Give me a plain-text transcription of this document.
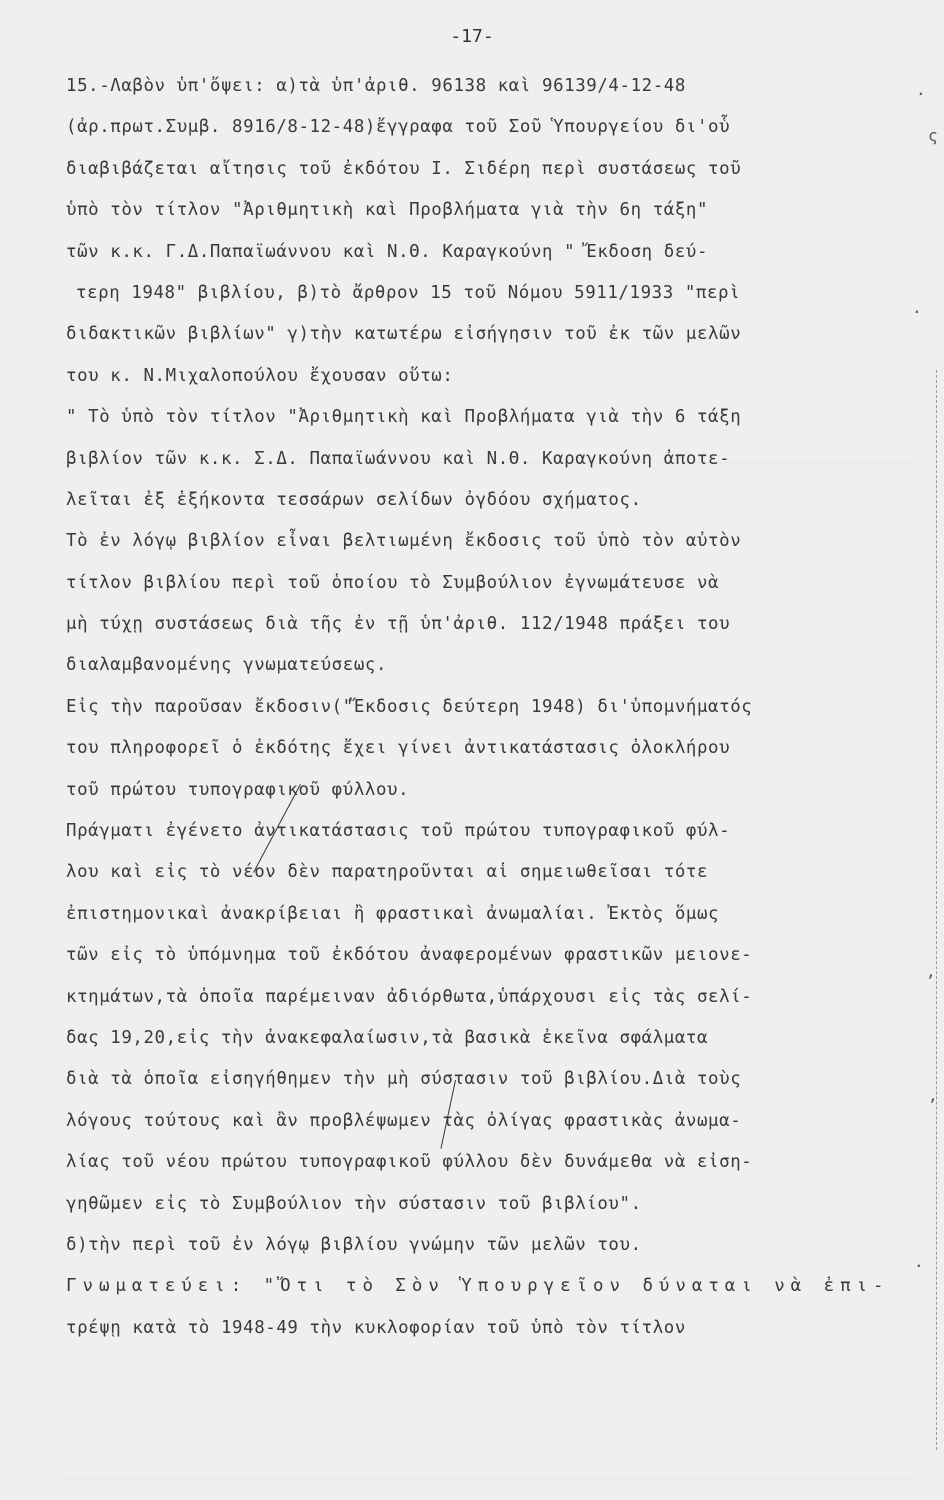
-17-
15.-Λαβὸν ὑπ'ὄψει: α)τὰ ὑπ'ἀριθ. 96138 καὶ 96139/4-12-48
(ἀρ.πρωτ.Συμβ. 8916/8-12-48)ἔγγραφα τοῦ Σοῦ Ὑπουργείου δι'οὗ
διαβιβάζεται αἴτησις τοῦ ἐκδότου Ι. Σιδέρη περὶ συστάσεως τοῦ
ὑπὸ τὸν τίτλον "Ἀριθμητικὴ καὶ Προβλήματα γιὰ τὴν 6η τάξη"
τῶν κ.κ. Γ.Δ.Παπαϊωάννου καὶ Ν.Θ. Καραγκούνη " Ἔκδοση δεύ-
τερη 1948" βιβλίου, β)τὸ ἄρθρον 15 τοῦ Νόμου 5911/1933 "περὶ
διδακτικῶν βιβλίων" γ)τὴν κατωτέρω εἰσήγησιν τοῦ ἐκ τῶν μελῶν
του κ. Ν.Μιχαλοπούλου ἔχουσαν οὕτω:
" Τὸ ὑπὸ τὸν τίτλον "Ἀριθμητικὴ καὶ Προβλήματα γιὰ τὴν 6 τάξη
βιβλίον τῶν κ.κ. Σ.Δ. Παπαϊωάννου καὶ Ν.Θ. Καραγκούνη ἀποτε-
λεῖται ἐξ ἑξήκοντα τεσσάρων σελίδων ὀγδόου σχήματος.
Τὸ ἐν λόγῳ βιβλίον εἶναι βελτιωμένη ἔκδοσις τοῦ ὑπὸ τὸν αὐτὸν
τίτλον βιβλίου περὶ τοῦ ὁποίου τὸ Συμβούλιον ἐγνωμάτευσε νὰ
μὴ τύχῃ συστάσεως διὰ τῆς ἐν τῇ ὑπ'ἀριθ. 112/1948 πράξει του
διαλαμβανομένης γνωματεύσεως.
Εἰς τὴν παροῦσαν ἔκδοσιν("Ἔκδοσις δεύτερη 1948) δι'ὑπομνήματός
του πληροφορεῖ ὁ ἐκδότης ἔχει γίνει ἀντικατάστασις ὁλοκλήρου
τοῦ πρώτου τυπογραφικοῦ φύλλου.
Πράγματι ἐγένετο ἀντικατάστασις τοῦ πρώτου τυπογραφικοῦ φύλ-
λου καὶ εἰς τὸ νέον δὲν παρατηροῦνται αἱ σημειωθεῖσαι τότε
ἐπιστημονικαὶ ἀνακρίβειαι ἢ φραστικαὶ ἀνωμαλίαι. Ἐκτὸς ὅμως
τῶν εἰς τὸ ὑπόμνημα τοῦ ἐκδότου ἀναφερομένων φραστικῶν μειονε-
κτημάτων,τὰ ὁποῖα παρέμειναν ἀδιόρθωτα,ὑπάρχουσι εἰς τὰς σελί-
δας 19,20,εἰς τὴν ἀνακεφαλαίωσιν,τὰ βασικὰ ἐκεῖνα σφάλματα
διὰ τὰ ὁποῖα εἰσηγήθημεν τὴν μὴ σύστασιν τοῦ βιβλίου.Διὰ τοὺς
λόγους τούτους καὶ ἂν προβλέψωμεν τὰς ὀλίγας φραστικὰς ἀνωμα-
λίας τοῦ νέου πρώτου τυπογραφικοῦ φύλλου δὲν δυνάμεθα νὰ εἰση-
γηθῶμεν εἰς τὸ Συμβούλιον τὴν σύστασιν τοῦ βιβλίου".
δ)τὴν περὶ τοῦ ἐν λόγῳ βιβλίου γνώμην τῶν μελῶν του.
Γνωματεύει: "Ὅτι τὸ Σὸν Ὑπουργεῖον δύναται νὰ ἐπι-
τρέψῃ κατὰ τὸ 1948-49 τὴν κυκλοφορίαν τοῦ ὑπὸ τὸν τίτλον
ς
.
.
,
,
.
